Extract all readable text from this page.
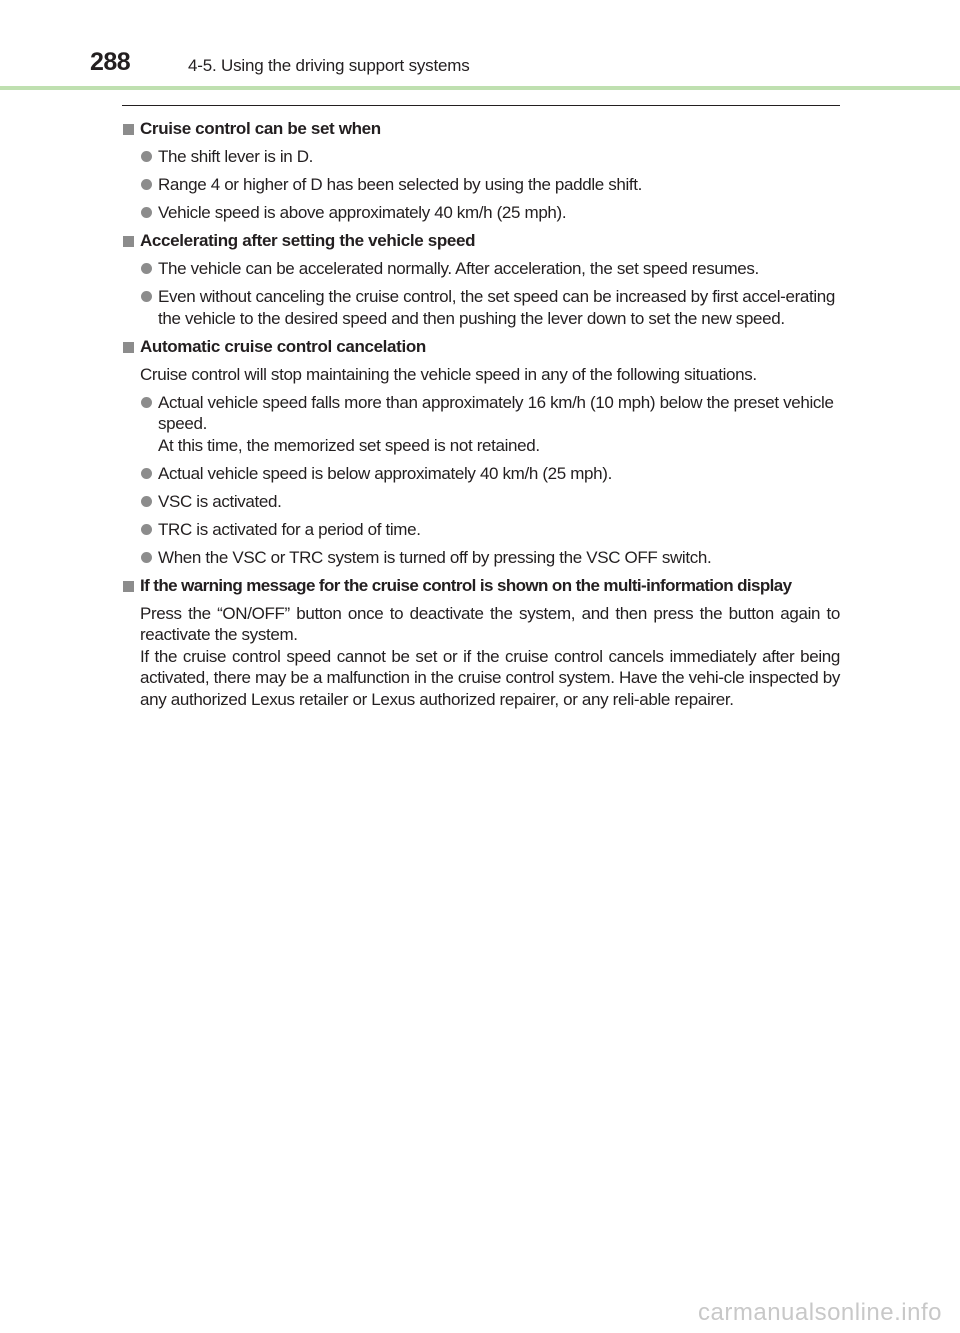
288	4-5. Using the driving support systems
Cruise control can be set when
The shift lever is in D.
Range 4 or higher of D has been selected by using the paddle shift.
Vehicle speed is above approximately 40 km/h (25 mph).
Accelerating after setting the vehicle speed
The vehicle can be accelerated normally. After acceleration, the set speed resumes.
Even without canceling the cruise control, the set speed can be increased by first accel-erating the vehicle to the desired speed and then pushing the lever down to set the new speed.
Automatic cruise control cancelation
Cruise control will stop maintaining the vehicle speed in any of the following situations.
Actual vehicle speed falls more than approximately 16 km/h (10 mph) below the preset vehicle speed.
At this time, the memorized set speed is not retained.
Actual vehicle speed is below approximately 40 km/h (25 mph).
VSC is activated.
TRC is activated for a period of time.
When the VSC or TRC system is turned off by pressing the VSC OFF switch.
If the warning message for the cruise control is shown on the multi-information display
Press the “ON/OFF” button once to deactivate the system, and then press the button again to reactivate the system.
If the cruise control speed cannot be set or if the cruise control cancels immediately after being activated, there may be a malfunction in the cruise control system. Have the vehi-cle inspected by any authorized Lexus retailer or Lexus authorized repairer, or any reli-able repairer.
carmanualsonline.info
